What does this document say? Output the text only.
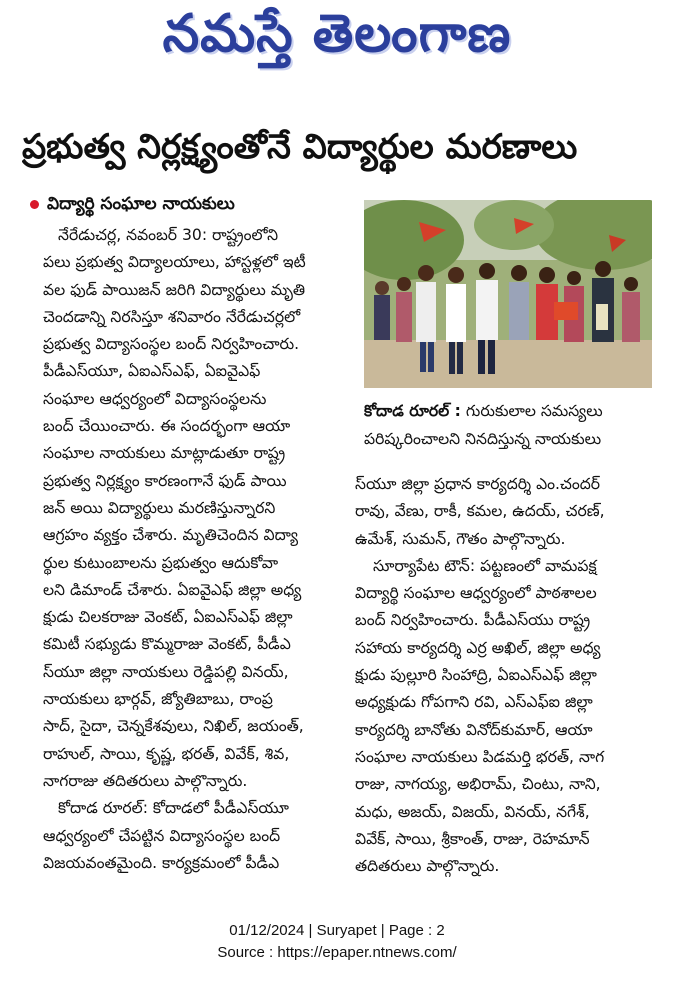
నమస్తే తెలంగాణ
ప్రభుత్వ నిర్లక్ష్యంతోనే విద్యార్థుల మరణాలు
విద్యార్థి సంఘాల నాయకులు

నేరేడుచర్ల, నవంబర్ 30: రాష్ట్రంలోని

పలు ప్రభుత్వ విద్యాలయాలు, హాస్టళ్లలో ఇటీ

వల ఫుడ్ పాయిజన్ జరిగి విద్యార్థులు మృతి

చెందడాన్ని నిరసిస్తూ శనివారం నేరేడుచర్లలో

ప్రభుత్వ విద్యాసంస్థల బంద్ నిర్వహించారు.

పీడీఎస్‌యూ, ఏఐఎస్ఎఫ్, ఏఐవైఎఫ్

సంఘాల ఆధ్వర్యంలో విద్యాసంస్థలను

బంద్ చేయించారు. ఈ సందర్భంగా ఆయా

సంఘాల నాయకులు మాట్లాడుతూ రాష్ట్ర

ప్రభుత్వ నిర్లక్ష్యం కారణంగానే ఫుడ్ పాయి

జన్ అయి విద్యార్థులు మరణిస్తున్నారని

ఆగ్రహం వ్యక్తం చేశారు. మృతిచెందిన విద్యా

ర్థుల కుటుంబాలను ప్రభుత్వం ఆదుకోవా

లని డిమాండ్ చేశారు. ఏఐవైఎఫ్ జిల్లా అధ్య

క్షుడు చిలకరాజు వెంకట్, ఏఐఎస్ఎఫ్ జిల్లా

కమిటీ సభ్యుడు కొమ్మరాజు వెంకట్, పీడీఎ

స్‌యూ జిల్లా నాయకులు రెడ్డిపల్లి వినయ్,

నాయకులు భార్గవ్, జ్యోతిబాబు, రాంప్ర

సాద్, సైదా, చెన్నకేశవులు, నిఖిల్, జయంత్,

రాహుల్, సాయి, కృష్ణ, భరత్, వివేక్, శివ,

నాగరాజు తదితరులు పాల్గొన్నారు.

కోదాడ రూరల్: కోదాడలో పీడీఎస్‌యూ

ఆధ్వర్యంలో చేపట్టిన విద్యాసంస్థల బంద్

విజయవంతమైంది. కార్యక్రమంలో పీడీఎ

కోదాడ రూరల్ : గురుకులాల సమస్యలు
పరిష్కరించాలని నినదిస్తున్న నాయకులు

స్‌యూ జిల్లా ప్రధాన కార్యదర్శి ఎం.చందర్

రావు, వేణు, రాకీ, కమల, ఉదయ్, చరణ్,

ఉమేశ్, సుమన్, గౌతం పాల్గొన్నారు.

సూర్యాపేట టౌన్: పట్టణంలో వామపక్ష

విద్యార్థి సంఘాల ఆధ్వర్యంలో పాఠశాలల

బంద్ నిర్వహించారు. పీడీఎస్‌యు రాష్ట్ర

సహాయ కార్యదర్శి ఎర్ర అఖిల్, జిల్లా అధ్య

క్షుడు పుల్లూరి సింహాద్రి, ఏఐఎస్ఎఫ్ జిల్లా

అధ్యక్షుడు గోపగాని రవి, ఎస్ఎఫ్ఐ జిల్లా

కార్యదర్శి బానోతు వినోద్‌కుమార్, ఆయా

సంఘాల నాయకులు పిడమర్తి భరత్, నాగ

రాజు, నాగయ్య, అభిరామ్, చింటు, నాని,

మధు, అజయ్, విజయ్, వినయ్, నగేశ్,

వివేక్, సాయి, శ్రీకాంత్, రాజు, రెహమాన్

తదితరులు పాల్గొన్నారు.

01/12/2024 | Suryapet | Page : 2
Source : https://epaper.ntnews.com/
